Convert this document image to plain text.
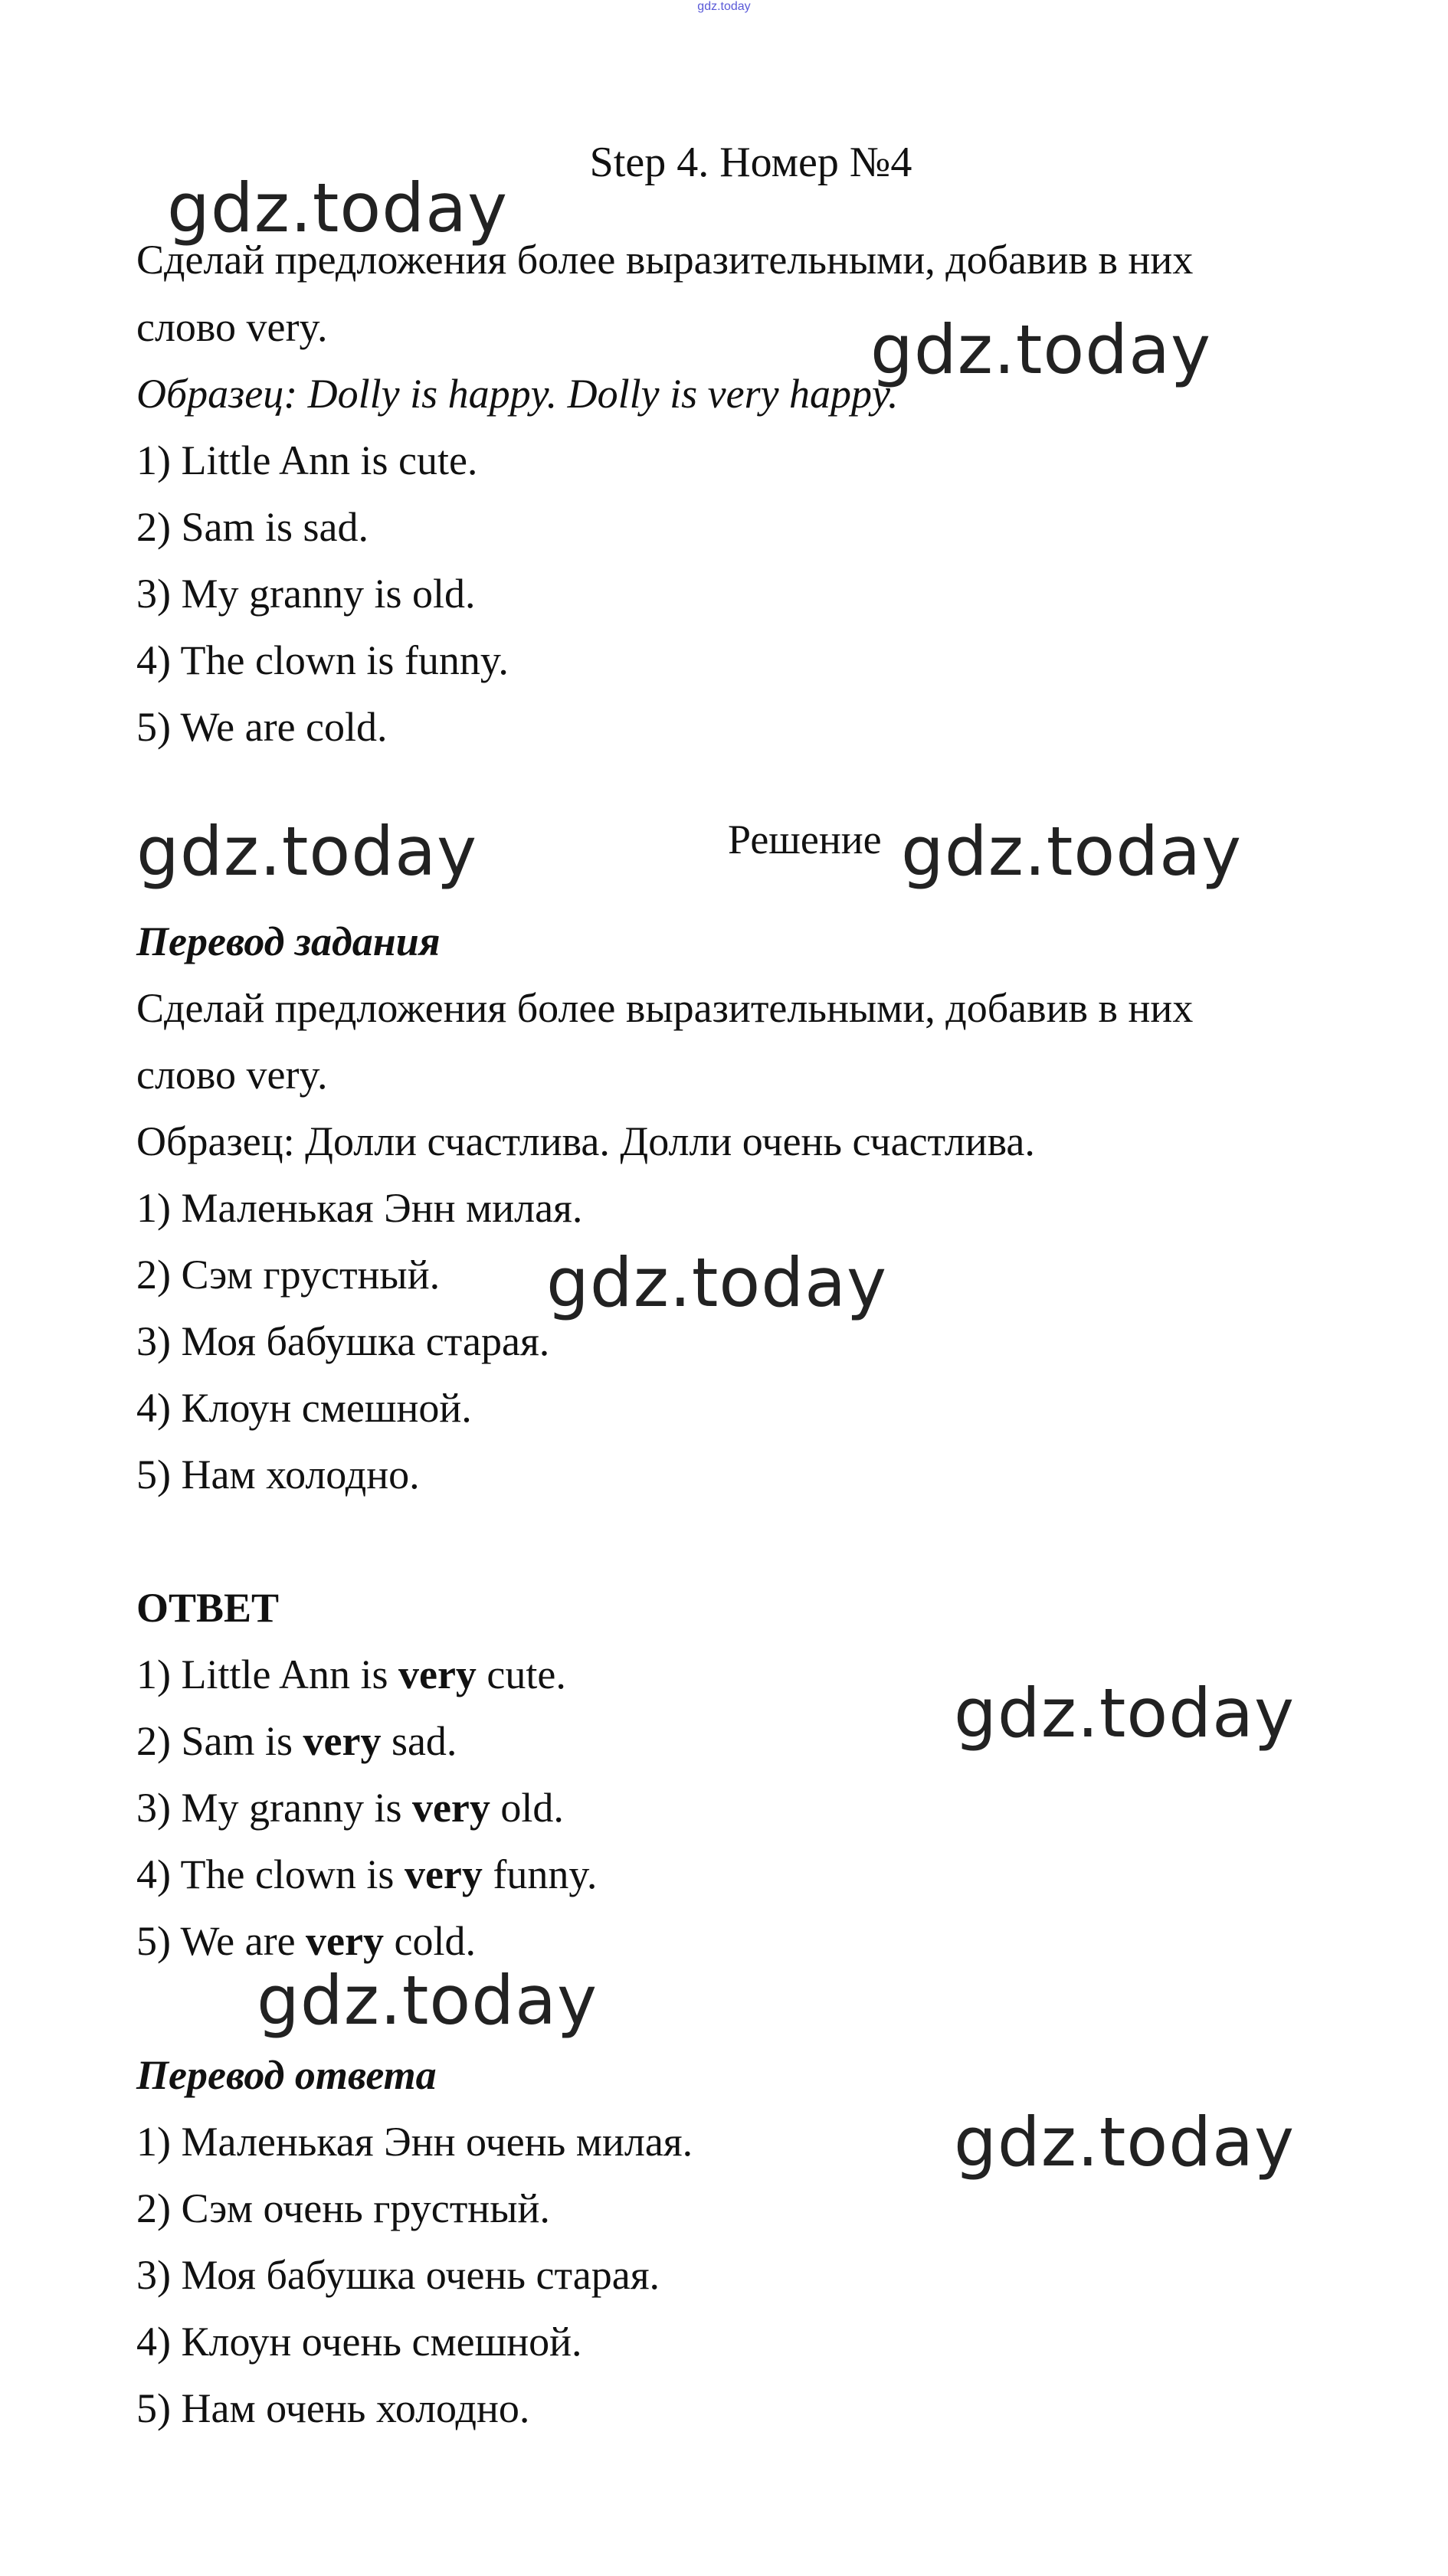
gdz.today
Step 4. Номер №4
Сделай предложения более выразительными, добавив в них
слово very.
Образец: Dolly is happy. Dolly is very happy.
1) Little Ann is cute.
2) Sam is sad.
3) My granny is old.
4) The clown is funny.
5) We are cold.
Решение
Перевод задания
Сделай предложения более выразительными, добавив в них
слово very.
Образец: Долли счастлива. Долли очень счастлива.
1) Маленькая Энн милая.
2) Сэм грустный.
3) Моя бабушка старая.
4) Клоун смешной.
5) Нам холодно.
ОТВЕТ
1) Little Ann is very cute.
2) Sam is very sad.
3) My granny is very old.
4) The clown is very funny.
5) We are very cold.
Перевод ответа
1) Маленькая Энн очень милая.
2) Сэм очень грустный.
3) Моя бабушка очень старая.
4) Клоун очень смешной.
5) Нам очень холодно.
gdz.today
gdz.today
gdz.today	gdz.today
gdz.today
gdz.today
gdz.today
gdz.today
